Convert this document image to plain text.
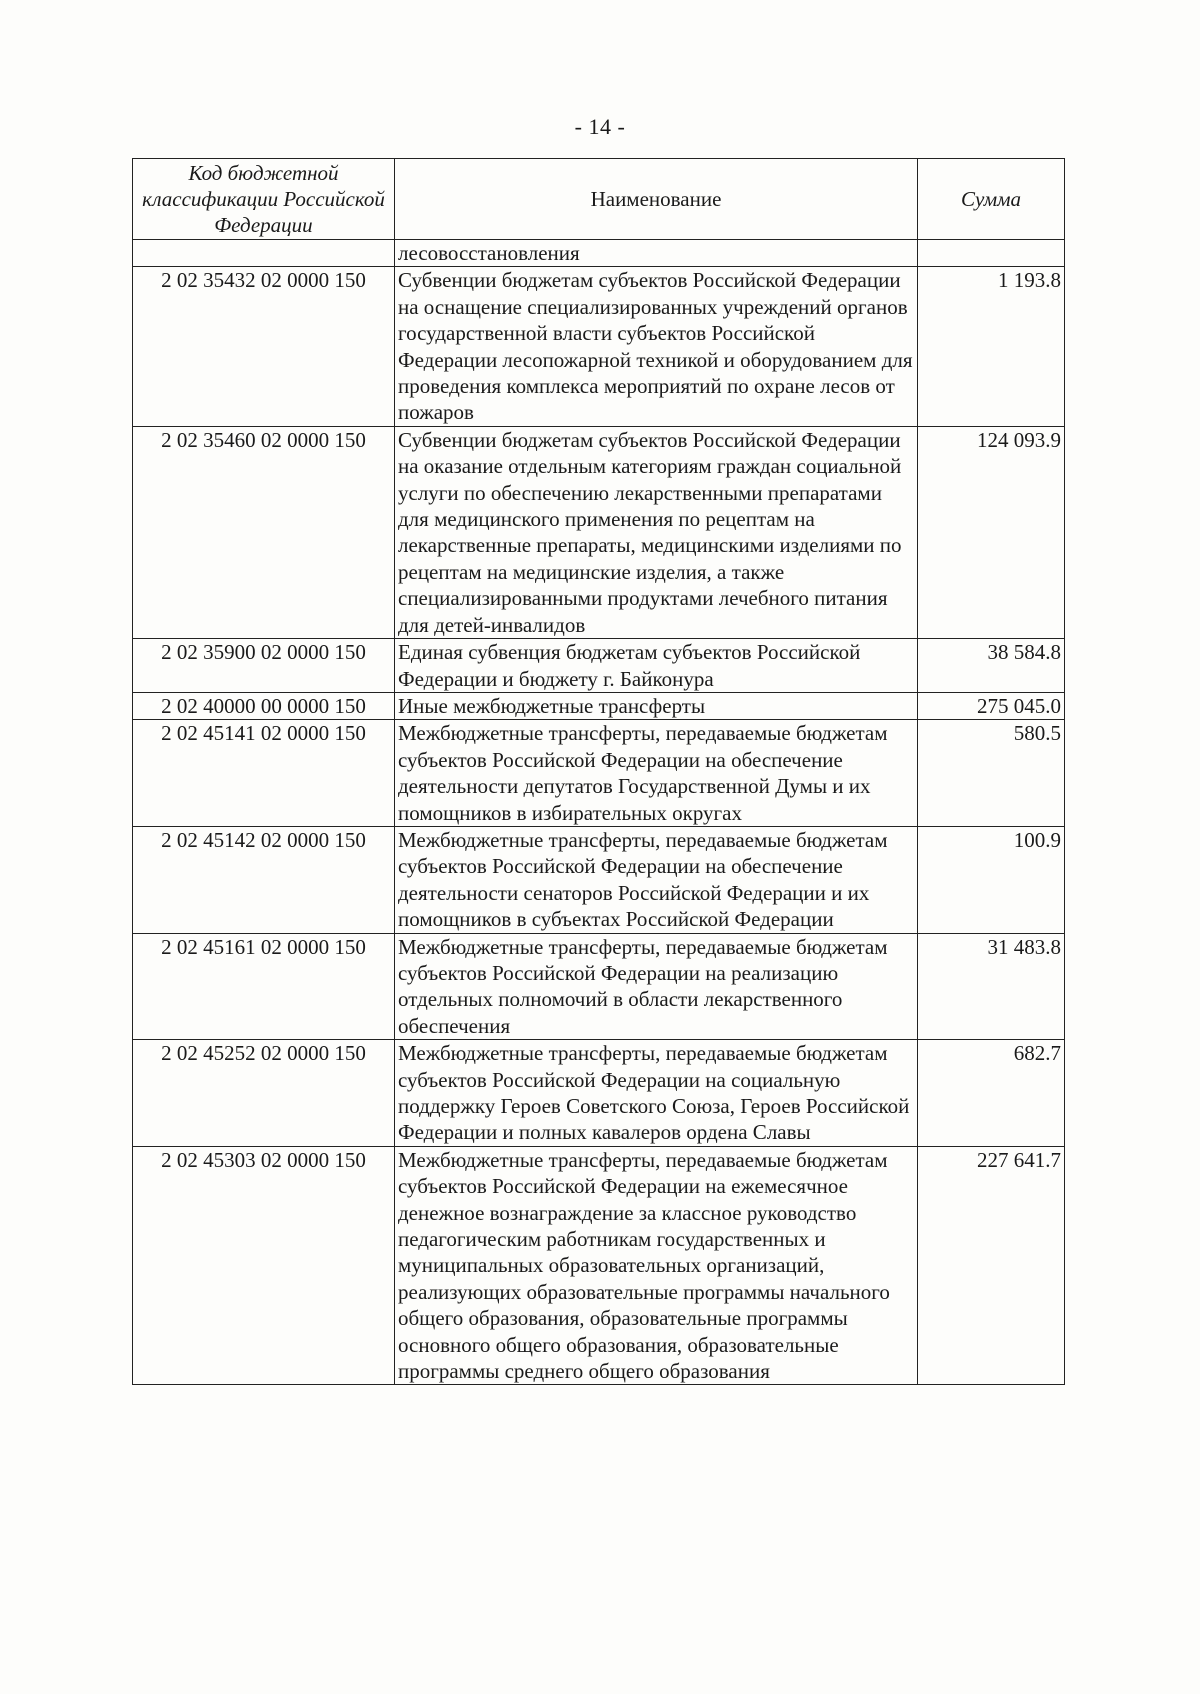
- 14 -
Код бюджетной классификации Российской Федерации	Наименование	Сумма
	лесовосстановления	
2 02 35432 02 0000 150	Субвенции бюджетам субъектов Российской Федерации на оснащение специализированных учреждений органов государственной власти субъектов Российской Федерации лесопожарной техникой и оборудованием для проведения комплекса мероприятий по охране лесов от пожаров	1 193.8
2 02 35460 02 0000 150	Субвенции бюджетам субъектов Российской Федерации на оказание отдельным категориям граждан социальной услуги по обеспечению лекарственными препаратами для медицинского применения по рецептам на лекарственные препараты, медицинскими изделиями по рецептам на медицинские изделия, а также специализированными продуктами лечебного питания для детей-инвалидов	124 093.9
2 02 35900 02 0000 150	Единая субвенция бюджетам субъектов Российской Федерации и бюджету г. Байконура	38 584.8
2 02 40000 00 0000 150	Иные межбюджетные трансферты	275 045.0
2 02 45141 02 0000 150	Межбюджетные трансферты, передаваемые бюджетам субъектов Российской Федерации на обеспечение деятельности депутатов Государственной Думы и их помощников в избирательных округах	580.5
2 02 45142 02 0000 150	Межбюджетные трансферты, передаваемые бюджетам субъектов Российской Федерации на обеспечение деятельности сенаторов Российской Федерации и их помощников в субъектах Российской Федерации	100.9
2 02 45161 02 0000 150	Межбюджетные трансферты, передаваемые бюджетам субъектов Российской Федерации на реализацию отдельных полномочий в области лекарственного обеспечения	31 483.8
2 02 45252 02 0000 150	Межбюджетные трансферты, передаваемые бюджетам субъектов Российской Федерации на социальную поддержку Героев Советского Союза, Героев Российской Федерации и полных кавалеров ордена Славы	682.7
2 02 45303 02 0000 150	Межбюджетные трансферты, передаваемые бюджетам субъектов Российской Федерации на ежемесячное денежное вознаграждение за классное руководство педагогическим работникам государственных и муниципальных образовательных организаций, реализующих образовательные программы начального общего образования, образовательные программы основного общего образования, образовательные программы среднего общего образования	227 641.7
